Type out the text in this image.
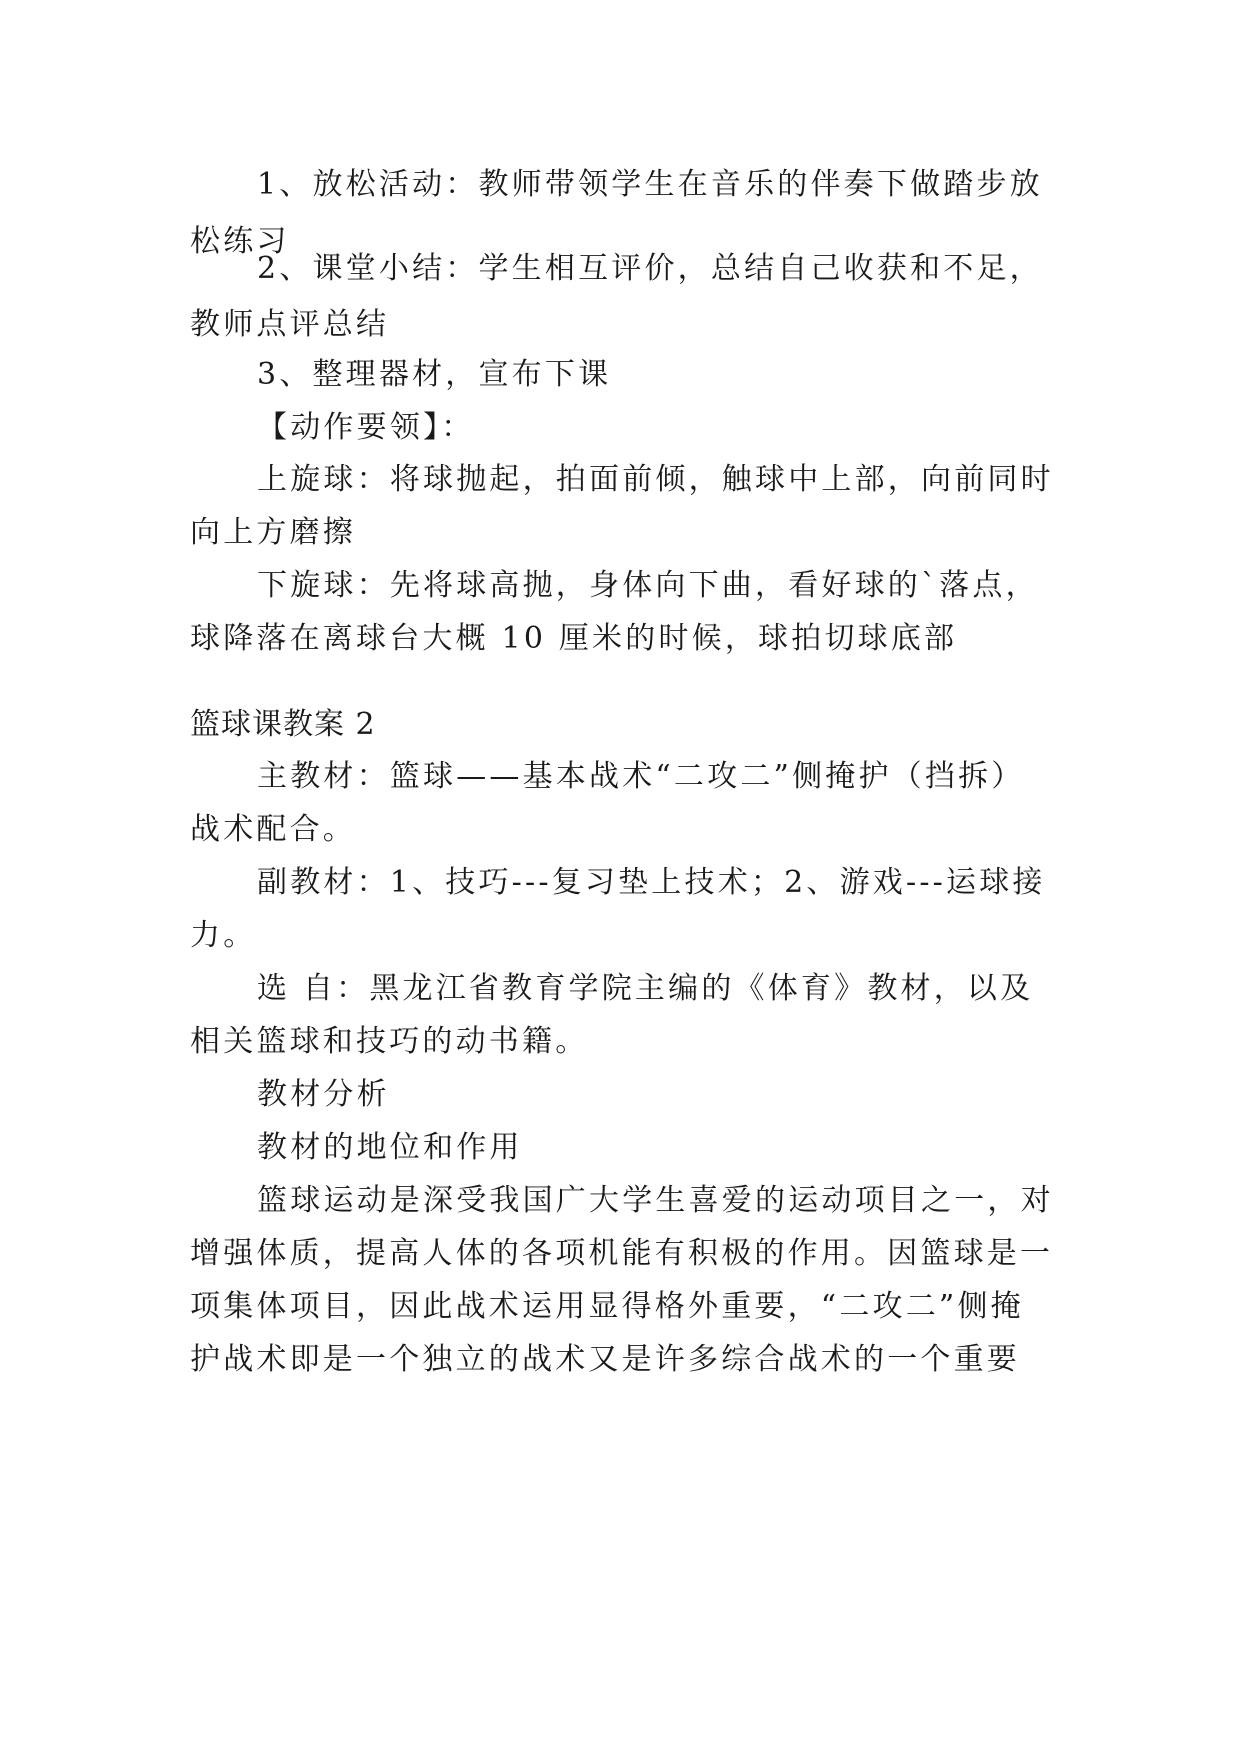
1、放松活动：教师带领学生在音乐的伴奏下做踏步放
松练习
2、课堂小结：学生相互评价，总结自己收获和不足，
教师点评总结
3、整理器材，宣布下课
【动作要领】：
上旋球：将球抛起，拍面前倾，触球中上部，向前同时
向上方磨擦
下旋球：先将球高抛，身体向下曲，看好球的`落点，
球降落在离球台大概 10 厘米的时候，球拍切球底部
篮球课教案 2
主教材：篮球——基本战术“二攻二”侧掩护（挡拆）
战术配合。
副教材：1、技巧---复习垫上技术；2、游戏---运球接
力。
选 自：黑龙江省教育学院主编的《体育》教材，以及
相关篮球和技巧的动书籍。
教材分析
教材的地位和作用
篮球运动是深受我国广大学生喜爱的运动项目之一，对
增强体质，提高人体的各项机能有积极的作用。因篮球是一
项集体项目，因此战术运用显得格外重要，“二攻二”侧掩
护战术即是一个独立的战术又是许多综合战术的一个重要
